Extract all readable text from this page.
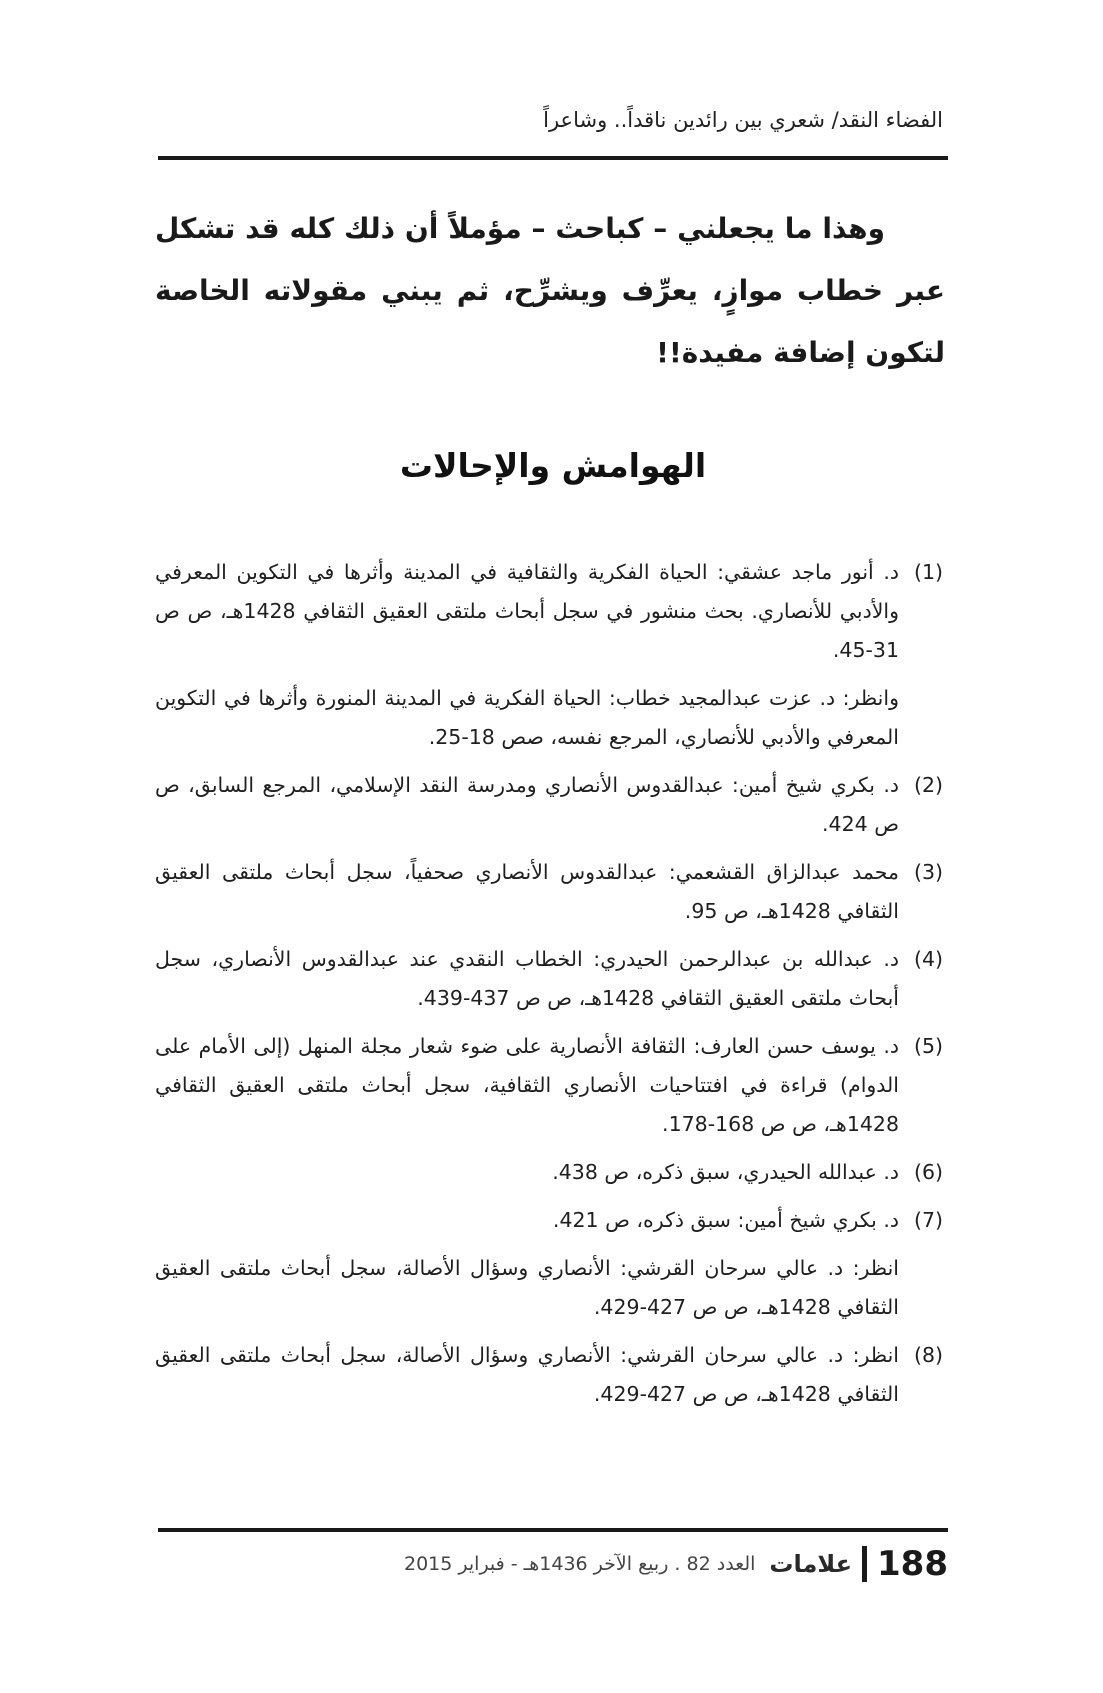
الفضاء النقد/ شعري بين رائدين ناقداً.. وشاعراً

وهذا ما يجعلني – كباحث – مؤملاً أن ذلك كله قد تشكل عبر خطاب موازٍ، يعرِّف ويشرِّح، ثم يبني مقولاته الخاصة لتكون إضافة مفيدة!!

الهوامش والإحالات
(1)
د. أنور ماجد عشقي: الحياة الفكرية والثقافية في المدينة وأثرها في التكوين المعرفي والأدبي للأنصاري. بحث منشور في سجل أبحاث ملتقى العقيق الثقافي 1428هـ، ص ص 31-45.
وانظر: د. عزت عبدالمجيد خطاب: الحياة الفكرية في المدينة المنورة وأثرها في التكوين المعرفي والأدبي للأنصاري، المرجع نفسه، صص 18-25.
(2)
د. بكري شيخ أمين: عبدالقدوس الأنصاري ومدرسة النقد الإسلامي، المرجع السابق، ص ص 424.
(3)
محمد عبدالزاق القشعمي: عبدالقدوس الأنصاري صحفياً، سجل أبحاث ملتقى العقيق الثقافي 1428هـ، ص 95.
(4)
د. عبدالله بن عبدالرحمن الحيدري: الخطاب النقدي عند عبدالقدوس الأنصاري، سجل أبحاث ملتقى العقيق الثقافي 1428هـ، ص ص 437-439.
(5)
د. يوسف حسن العارف: الثقافة الأنصارية على ضوء شعار مجلة المنهل (إلى الأمام على الدوام) قراءة في افتتاحيات الأنصاري الثقافية، سجل أبحاث ملتقى العقيق الثقافي 1428هـ، ص ص 168-178.
(6)
د. عبدالله الحيدري، سبق ذكره، ص 438.
(7)
د. بكري شيخ أمين: سبق ذكره، ص 421.
انظر: د. عالي سرحان القرشي: الأنصاري وسؤال الأصالة، سجل أبحاث ملتقى العقيق الثقافي 1428هـ، ص ص 427-429.
(8)
انظر: د. عالي سرحان القرشي: الأنصاري وسؤال الأصالة، سجل أبحاث ملتقى العقيق الثقافي 1428هـ، ص ص 427-429.
188
علامات
العدد 82 . ربيع الآخر 1436هـ - فبراير 2015
